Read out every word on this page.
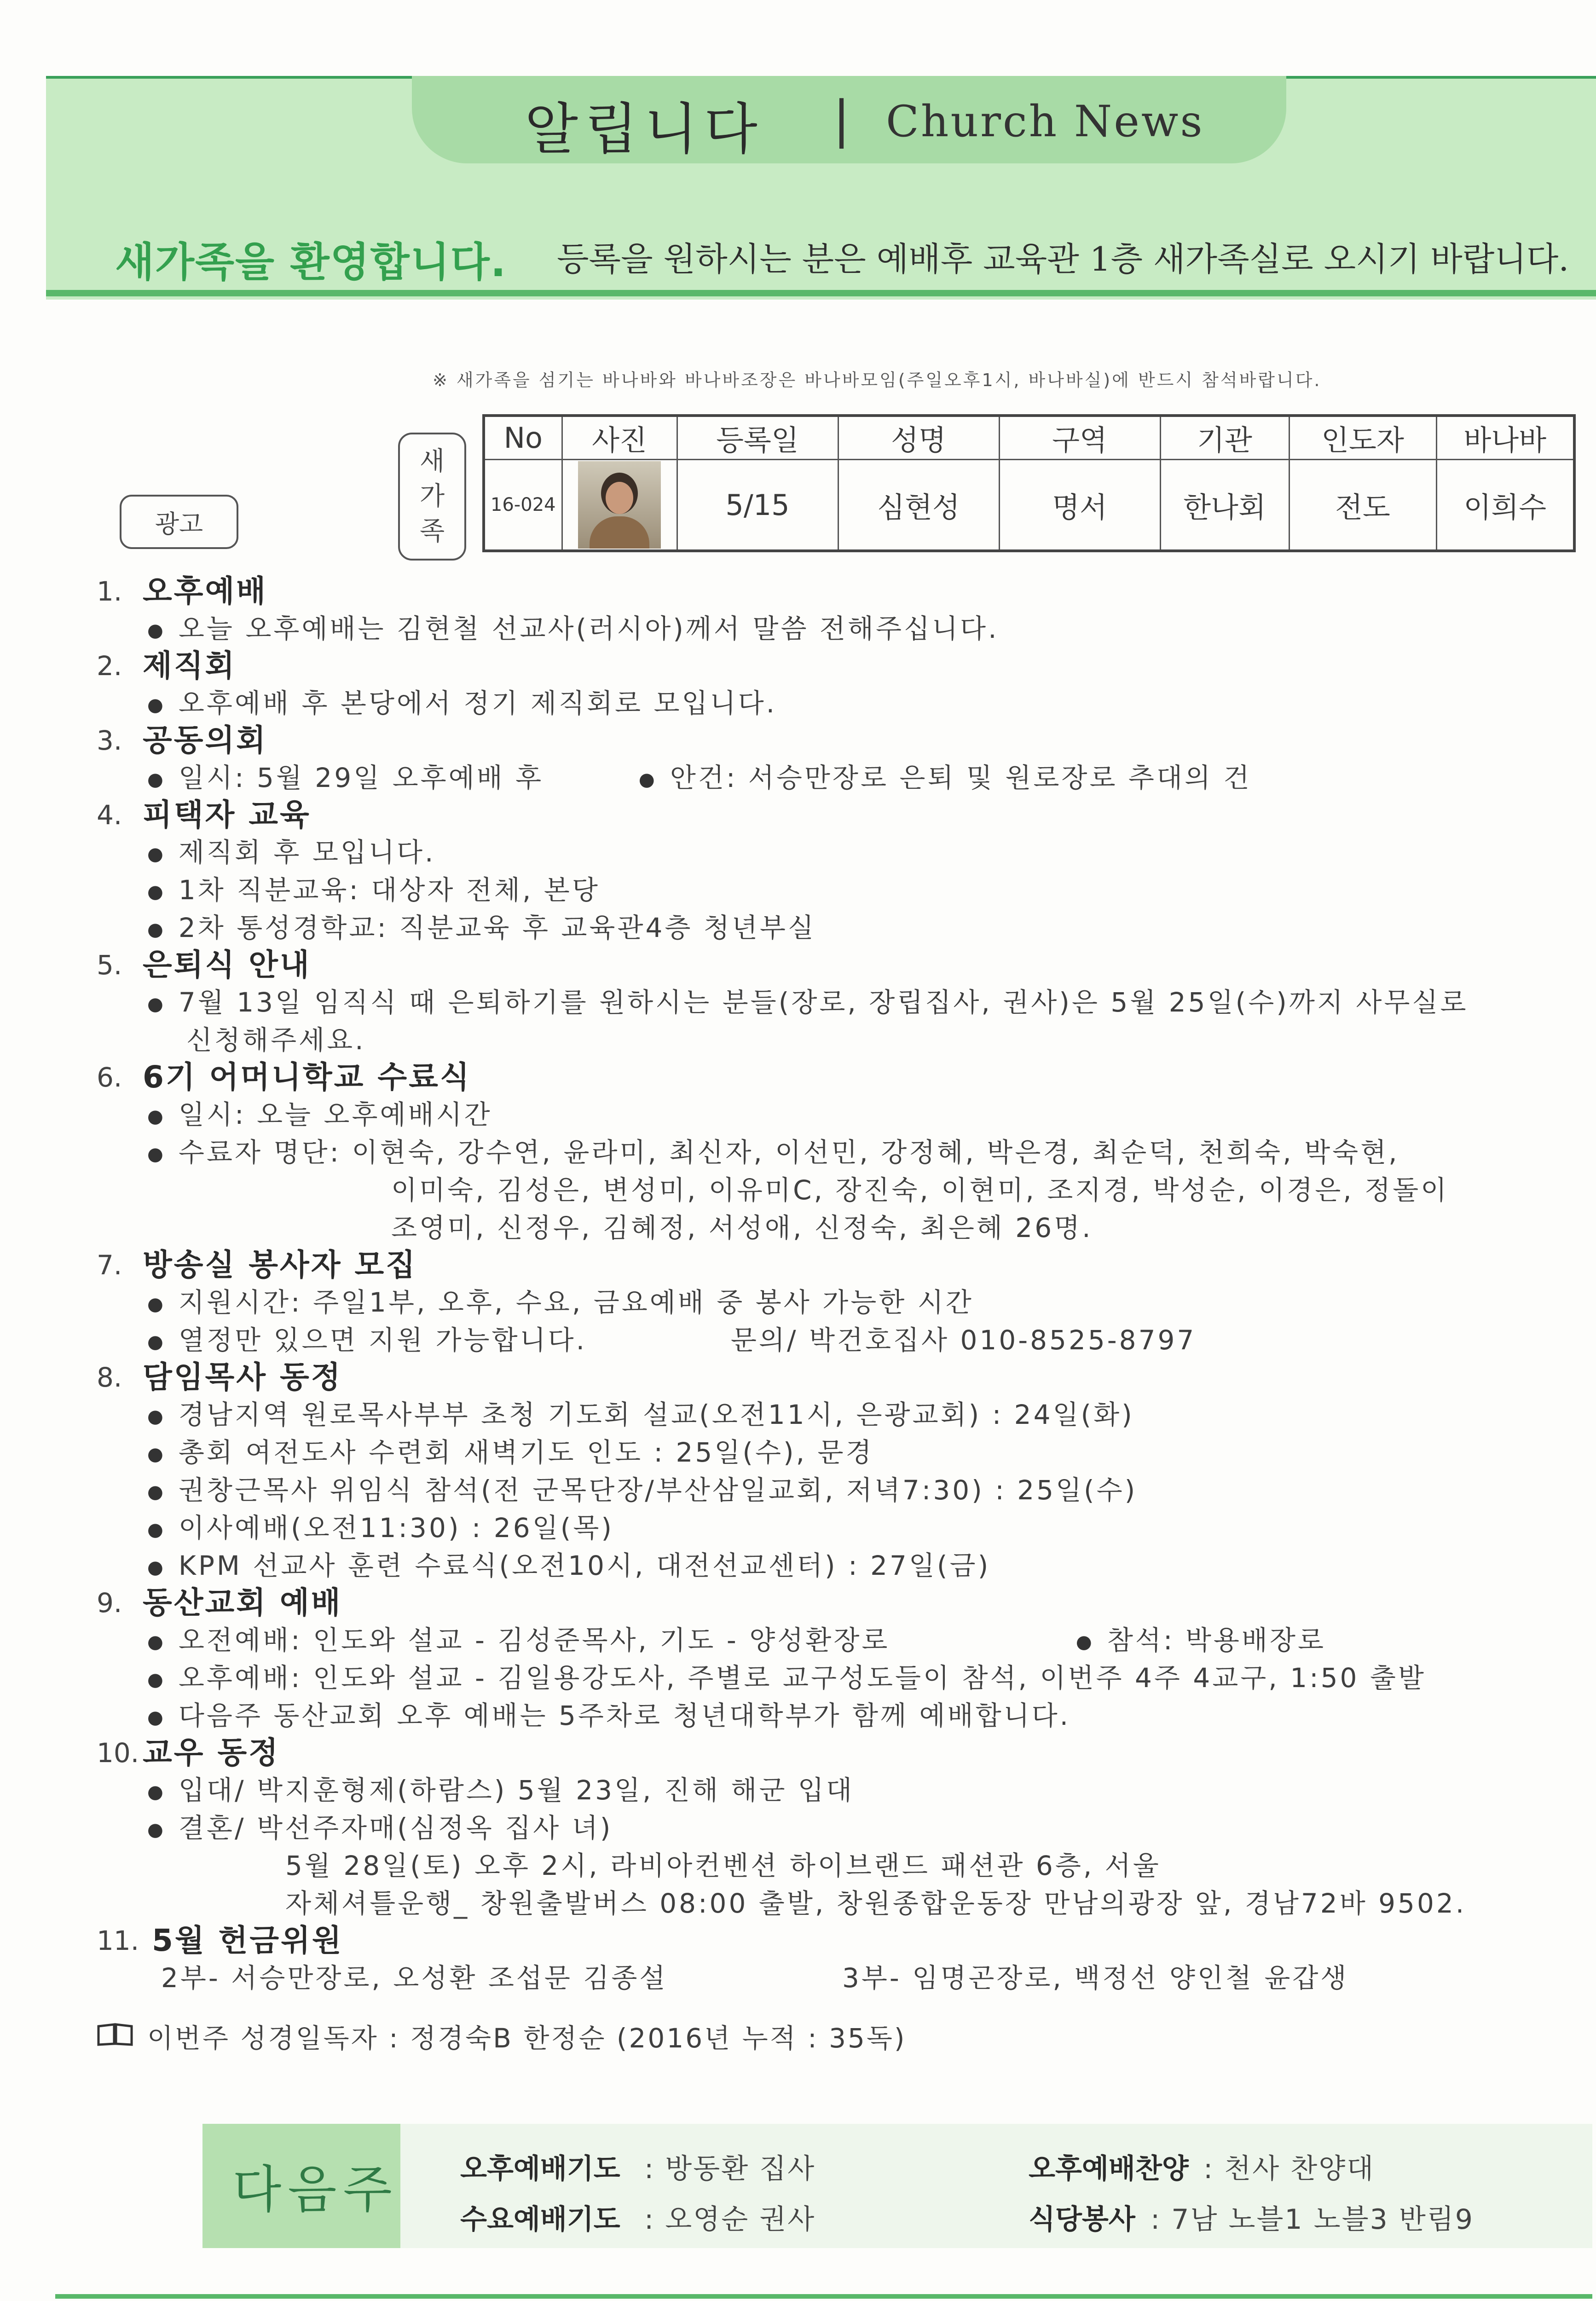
알립니다 | Church News
새가족을 환영합니다. 등록을 원하시는 분은 예배후 교육관 1층 새가족실로 오시기 바랍니다.
※ 새가족을 섬기는 바나바와 바나바조장은 바나바모임(주일오후1시, 바나바실)에 반드시 참석바랍니다.
광고
새
가
족
No	사진	등록일	성명	구역	기관	인도자	바나바
16-024		5/15	심현성	명서	한나회	전도	이희수
1. 오후예배
● 오늘 오후예배는 김현철 선교사(러시아)께서 말씀 전해주십니다.
2. 제직회
● 오후예배 후 본당에서 정기 제직회로 모입니다.
3. 공동의회
● 일시: 5월 29일 오후예배 후	● 안건: 서승만장로 은퇴 및 원로장로 추대의 건
4. 피택자 교육
● 제직회 후 모입니다.
● 1차 직분교육: 대상자 전체, 본당
● 2차 통성경학교: 직분교육 후 교육관4층 청년부실
5. 은퇴식 안내
● 7월 13일 임직식 때 은퇴하기를 원하시는 분들(장로, 장립집사, 권사)은 5월 25일(수)까지 사무실로
신청해주세요.
6. 6기 어머니학교 수료식
● 일시: 오늘 오후예배시간
● 수료자 명단: 이현숙, 강수연, 윤라미, 최신자, 이선민, 강정혜, 박은경, 최순덕, 천희숙, 박숙현,
이미숙, 김성은, 변성미, 이유미C, 장진숙, 이현미, 조지경, 박성순, 이경은, 정돌이
조영미, 신정우, 김혜정, 서성애, 신정숙, 최은혜 26명.
7. 방송실 봉사자 모집
● 지원시간: 주일1부, 오후, 수요, 금요예배 중 봉사 가능한 시간
● 열정만 있으면 지원 가능합니다.	문의/ 박건호집사 010-8525-8797
8. 담임목사 동정
● 경남지역 원로목사부부 초청 기도회 설교(오전11시, 은광교회) : 24일(화)
● 총회 여전도사 수련회 새벽기도 인도 : 25일(수), 문경
● 권창근목사 위임식 참석(전 군목단장/부산삼일교회, 저녁7:30) : 25일(수)
● 이사예배(오전11:30) : 26일(목)
● KPM 선교사 훈련 수료식(오전10시, 대전선교센터) : 27일(금)
9. 동산교회 예배
● 오전예배: 인도와 설교 - 김성준목사, 기도 - 양성환장로	● 참석: 박용배장로
● 오후예배: 인도와 설교 - 김일용강도사, 주별로 교구성도들이 참석, 이번주 4주 4교구, 1:50 출발
● 다음주 동산교회 오후 예배는 5주차로 청년대학부가 함께 예배합니다.
10. 교우 동정
● 입대/ 박지훈형제(하람스) 5월 23일, 진해 해군 입대
● 결혼/ 박선주자매(심정옥 집사 녀)
5월 28일(토) 오후 2시, 라비아컨벤션 하이브랜드 패션관 6층, 서울
자체셔틀운행_ 창원출발버스 08:00 출발, 창원종합운동장 만남의광장 앞, 경남72바 9502.
11. 5월 헌금위원
2부- 서승만장로, 오성환 조섭문 김종설	3부- 임명곤장로, 백정선 양인철 윤갑생
이번주 성경일독자 : 정경숙B 한정순 (2016년 누적 : 35독)
다음주 오후예배기도 : 방동환 집사
수요예배기도 : 오영순 권사
오후예배찬양 : 천사 찬양대
식당봉사 : 7남 노블1 노블3 반림9
